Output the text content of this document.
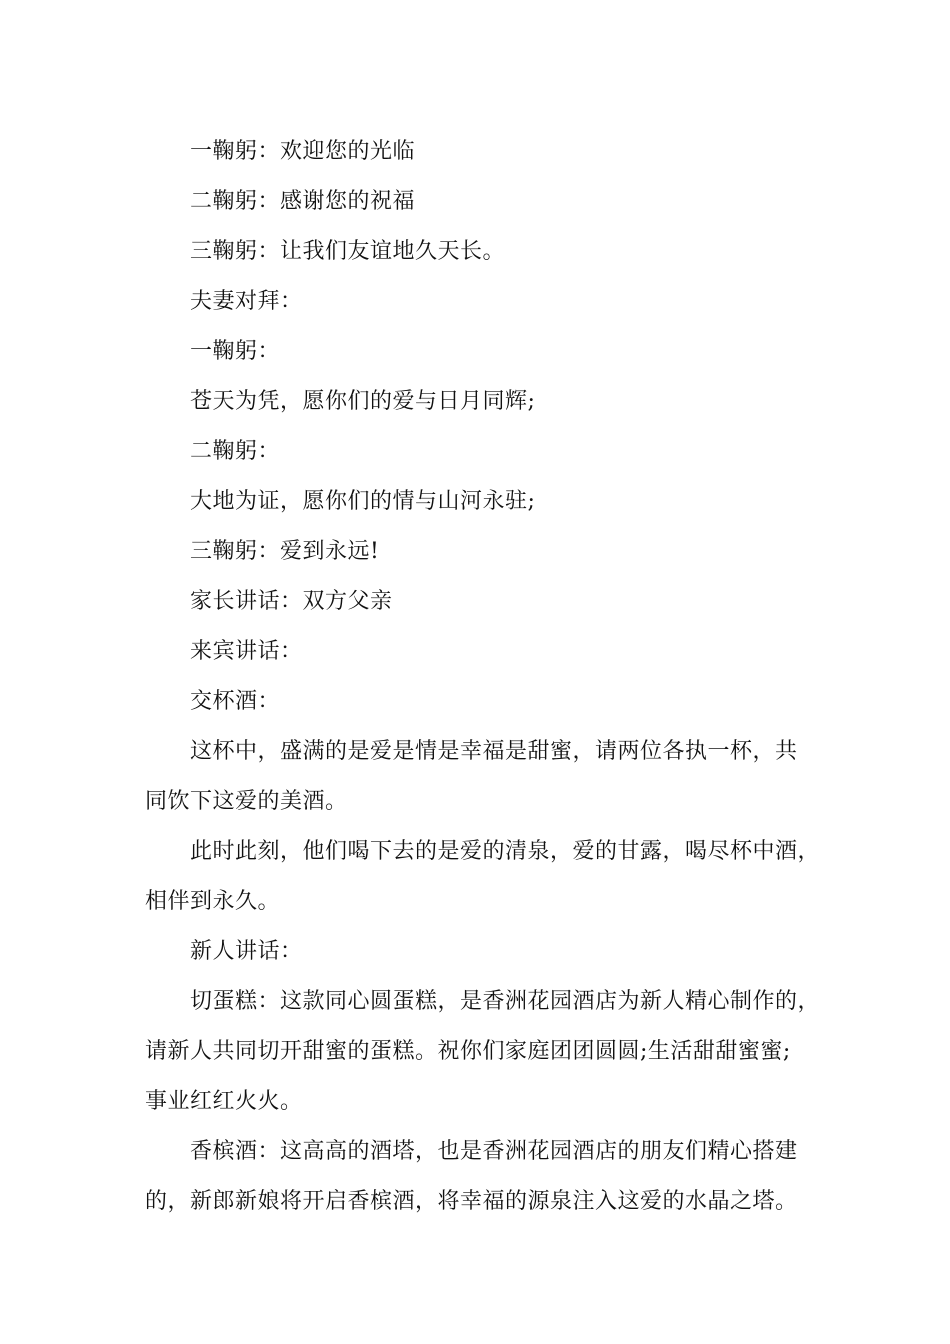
一鞠躬：欢迎您的光临

二鞠躬：感谢您的祝福

三鞠躬：让我们友谊地久天长。

夫妻对拜：

一鞠躬：

苍天为凭，愿你们的爱与日月同辉;

二鞠躬：

大地为证，愿你们的情与山河永驻;

三鞠躬：爱到永远!

家长讲话：双方父亲

来宾讲话：

交杯酒：

这杯中，盛满的是爱是情是幸福是甜蜜，请两位各执一杯，共

同饮下这爱的美酒。

此时此刻，他们喝下去的是爱的清泉，爱的甘露，喝尽杯中酒，

相伴到永久。

新人讲话：

切蛋糕：这款同心圆蛋糕，是香洲花园酒店为新人精心制作的，

请新人共同切开甜蜜的蛋糕。祝你们家庭团团圆圆;生活甜甜蜜蜜;

事业红红火火。

香槟酒：这高高的酒塔，也是香洲花园酒店的朋友们精心搭建

的，新郎新娘将开启香槟酒，将幸福的源泉注入这爱的水晶之塔。
